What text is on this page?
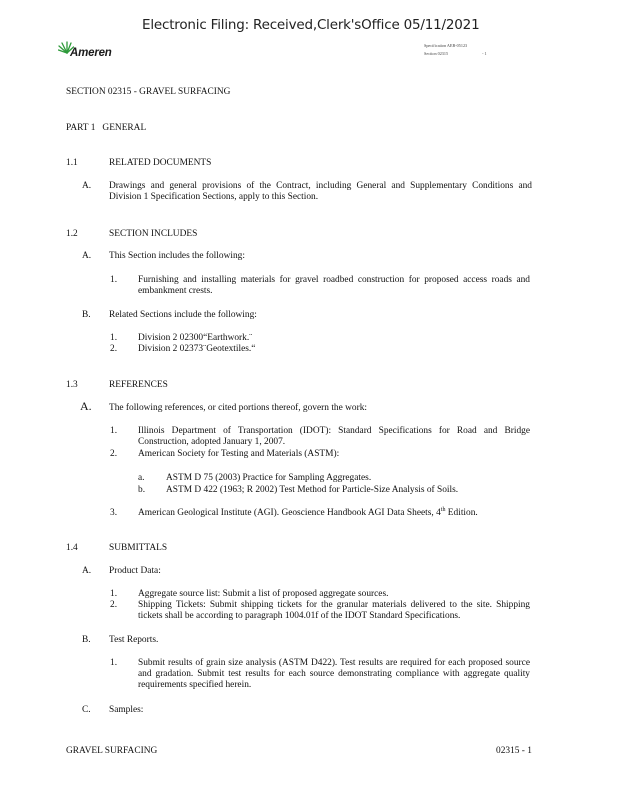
Electronic Filing: Received,Clerk'sOffice 05/11/2021
Ameren
Specification AEB-05123
Section 02315	- 1
SECTION 02315 - GRAVEL SURFACING
PART 1   GENERAL
1.1	RELATED DOCUMENTS
A. Drawings and general provisions of the Contract, including General and Supplementary Conditions and Division 1 Specification Sections, apply to this Section.
1.2	SECTION INCLUDES
A. This Section includes the following:
1. Furnishing and installing materials for gravel roadbed construction for proposed access roads and embankment crests.
B. Related Sections include the following:
1. Division 2 02300“Earthwork.¨
2. Division 2 02373¨Geotextiles.“
1.3	REFERENCES
A. The following references, or cited portions thereof, govern the work:
1. Illinois Department of Transportation (IDOT): Standard Specifications for Road and Bridge Construction, adopted January 1, 2007.
2. American Society for Testing and Materials (ASTM):
a. ASTM D 75 (2003) Practice for Sampling Aggregates.
b. ASTM D 422 (1963; R 2002) Test Method for Particle-Size Analysis of Soils.
3. American Geological Institute (AGI). Geoscience Handbook AGI Data Sheets, 4th Edition.
1.4	SUBMITTALS
A. Product Data:
1. Aggregate source list: Submit a list of proposed aggregate sources.
2. Shipping Tickets: Submit shipping tickets for the granular materials delivered to the site. Shipping tickets shall be according to paragraph 1004.01f of the IDOT Standard Specifications.
B. Test Reports.
1. Submit results of grain size analysis (ASTM D422). Test results are required for each proposed source and gradation. Submit test results for each source demonstrating compliance with aggregate quality requirements specified herein.
C. Samples:
GRAVEL SURFACING	02315 - 1
